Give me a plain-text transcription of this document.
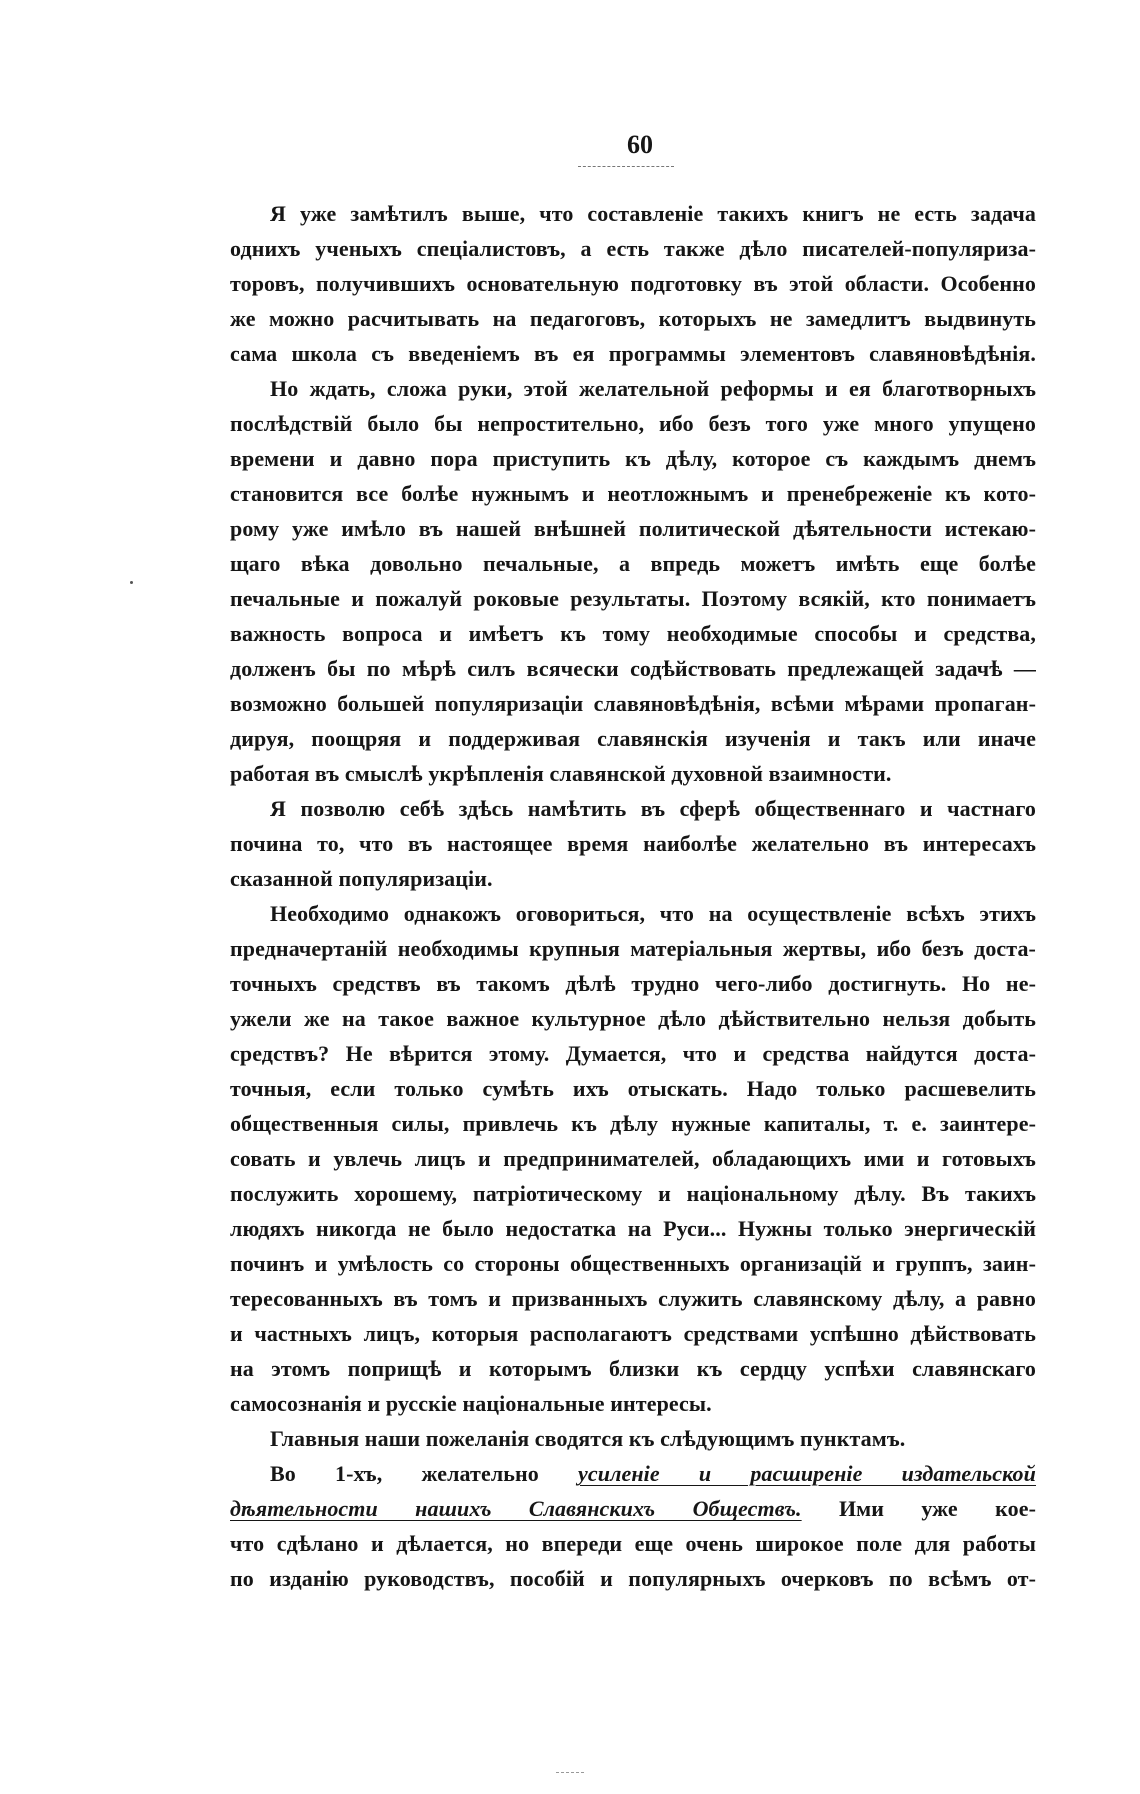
60
Я уже замѣтилъ выше, что составленіе такихъ книгъ не есть задача
однихъ ученыхъ спеціалистовъ, а есть также дѣло писателей-популяриза-
торовъ, получившихъ основательную подготовку въ этой области. Особенно
же можно расчитывать на педагоговъ, которыхъ не замедлитъ выдвинуть
сама школа съ введеніемъ въ ея программы элементовъ славяновѣдѣнія.
Но ждать, сложа руки, этой желательной реформы и ея благотворныхъ
послѣдствій было бы непростительно, ибо безъ того уже много упущено
времени и давно пора приступить къ дѣлу, которое съ каждымъ днемъ
становится все болѣе нужнымъ и неотложнымъ и пренебреженіе къ кото-
рому уже имѣло въ нашей внѣшней политической дѣятельности истекаю-
щаго вѣка довольно печальные, а впредь можетъ имѣть еще болѣе
печальные и пожалуй роковые результаты. Поэтому всякій, кто понимаетъ
важность вопроса и имѣетъ къ тому необходимые способы и средства,
долженъ бы по мѣрѣ силъ всячески содѣйствовать предлежащей задачѣ —
возможно большей популяризаціи славяновѣдѣнія, всѣми мѣрами пропаган-
дируя, поощряя и поддерживая славянскія изученія и такъ или иначе
работая въ смыслѣ укрѣпленія славянской духовной взаимности.
Я позволю себѣ здѣсь намѣтить въ сферѣ общественнаго и частнаго
почина то, что въ настоящее время наиболѣе желательно въ интересахъ
сказанной популяризаціи.
Необходимо однакожъ оговориться, что на осуществленіе всѣхъ этихъ
предначертаній необходимы крупныя матеріальныя жертвы, ибо безъ доста-
точныхъ средствъ въ такомъ дѣлѣ трудно чего-либо достигнуть. Но не-
ужели же на такое важное культурное дѣло дѣйствительно нельзя добыть
средствъ? Не вѣрится этому. Думается, что и средства найдутся доста-
точныя, если только сумѣть ихъ отыскать. Надо только расшевелить
общественныя силы, привлечь къ дѣлу нужные капиталы, т. е. заинтере-
совать и увлечь лицъ и предпринимателей, обладающихъ ими и готовыхъ
послужить хорошему, патріотическому и національному дѣлу. Въ такихъ
людяхъ никогда не было недостатка на Руси... Нужны только энергическій
починъ и умѣлость со стороны общественныхъ организацій и группъ, заин-
тересованныхъ въ томъ и призванныхъ служить славянскому дѣлу, а равно
и частныхъ лицъ, которыя располагаютъ средствами успѣшно дѣйствовать
на этомъ поприщѣ и которымъ близки къ сердцу успѣхи славянскаго
самосознанія и русскіе національные интересы.
Главныя наши пожеланія сводятся къ слѣдующимъ пунктамъ.
Во 1-хъ, желательно усиленіе и расширеніе издательской
дѣятельности нашихъ Славянскихъ Обществъ. Ими уже кое-
что сдѣлано и дѣлается, но впереди еще очень широкое поле для работы
по изданію руководствъ, пособій и популярныхъ очерковъ по всѣмъ от-
